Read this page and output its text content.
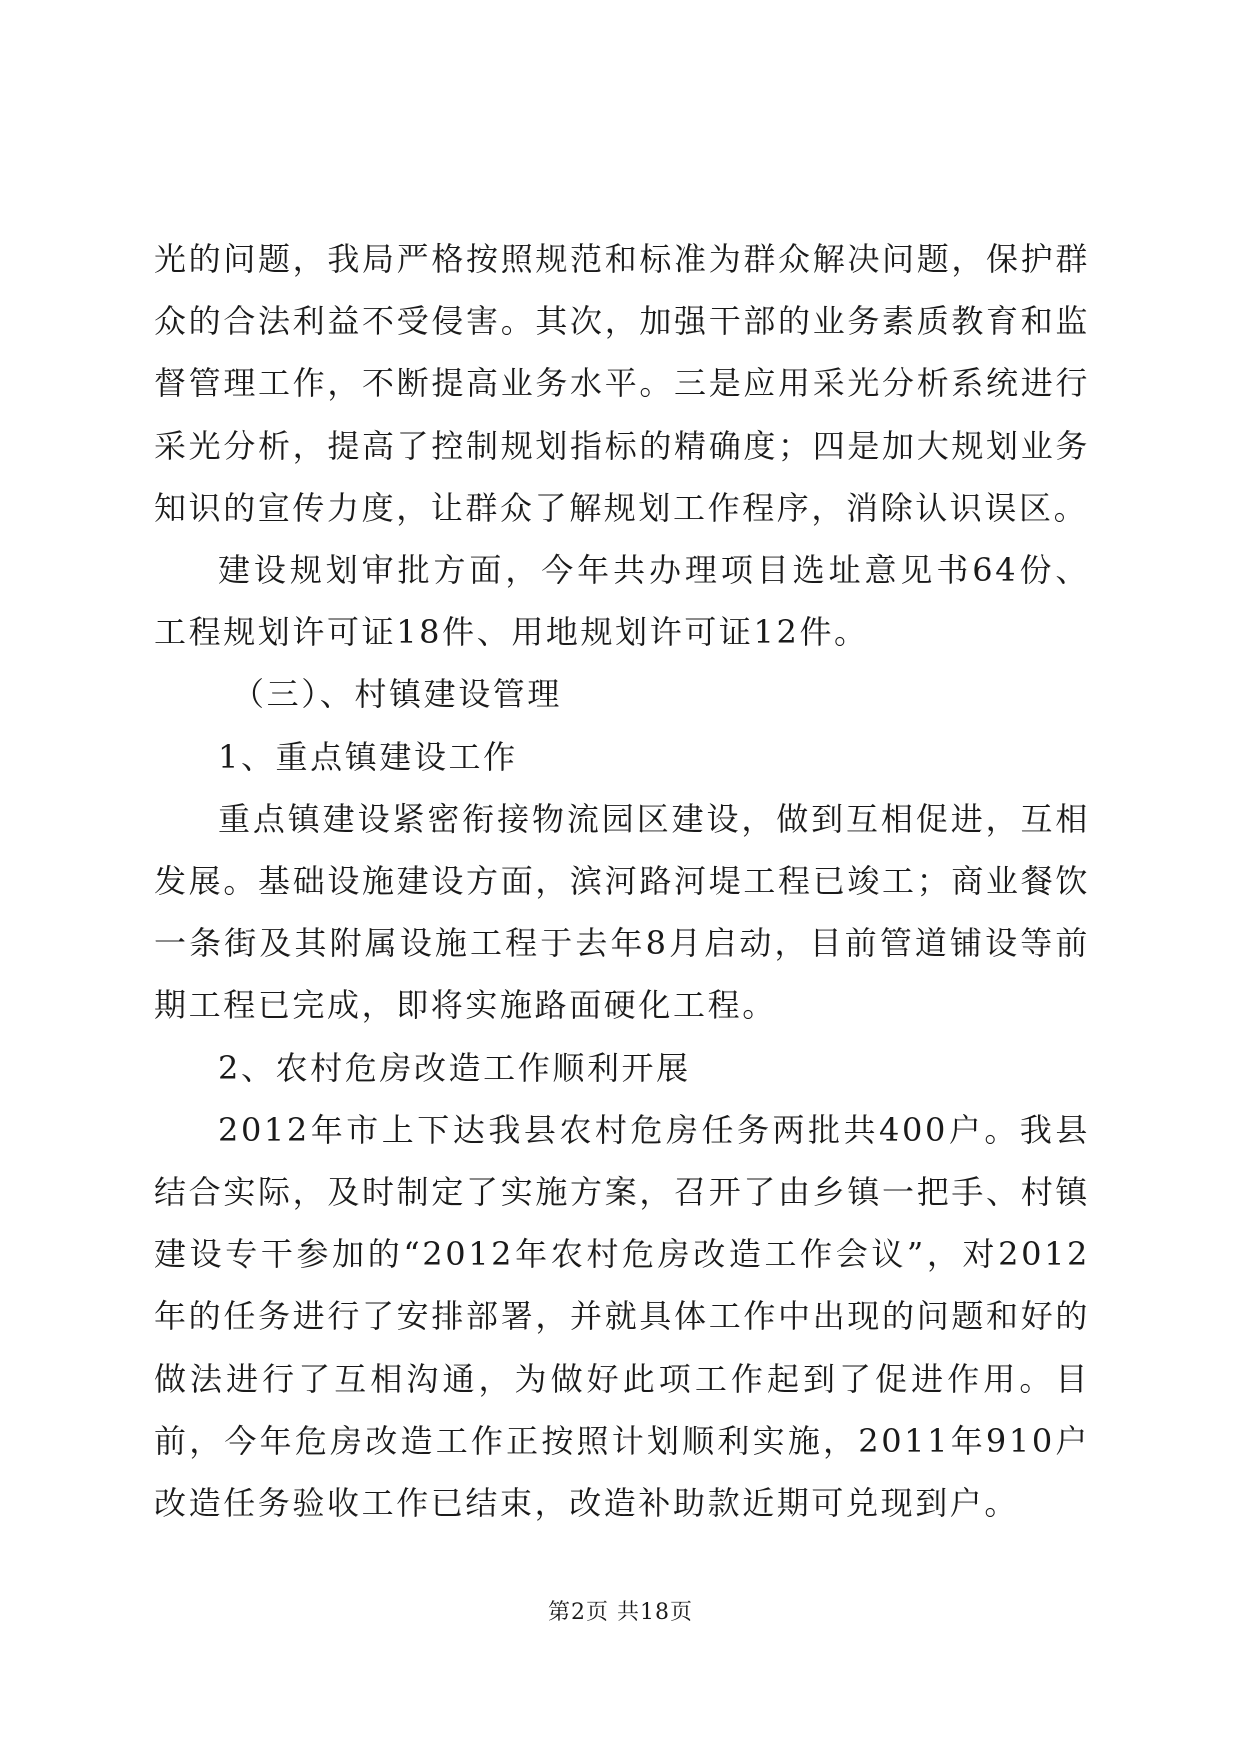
光的问题，我局严格按照规范和标准为群众解决问题，保护群众的合法利益不受侵害。其次，加强干部的业务素质教育和监督管理工作，不断提高业务水平。三是应用采光分析系统进行采光分析，提高了控制规划指标的精确度；四是加大规划业务知识的宣传力度，让群众了解规划工作程序，消除认识误区。

建设规划审批方面，今年共办理项目选址意见书64份、工程规划许可证18件、用地规划许可证12件。

（三）、村镇建设管理

1、重点镇建设工作

重点镇建设紧密衔接物流园区建设，做到互相促进，互相发展。基础设施建设方面，滨河路河堤工程已竣工；商业餐饮一条街及其附属设施工程于去年8月启动，目前管道铺设等前期工程已完成，即将实施路面硬化工程。

2、农村危房改造工作顺利开展

2012年市上下达我县农村危房任务两批共400户。我县结合实际，及时制定了实施方案，召开了由乡镇一把手、村镇建设专干参加的“2012年农村危房改造工作会议”，对2012年的任务进行了安排部署，并就具体工作中出现的问题和好的做法进行了互相沟通，为做好此项工作起到了促进作用。目前，今年危房改造工作正按照计划顺利实施，2011年910户改造任务验收工作已结束，改造补助款近期可兑现到户。

第2页 共18页
